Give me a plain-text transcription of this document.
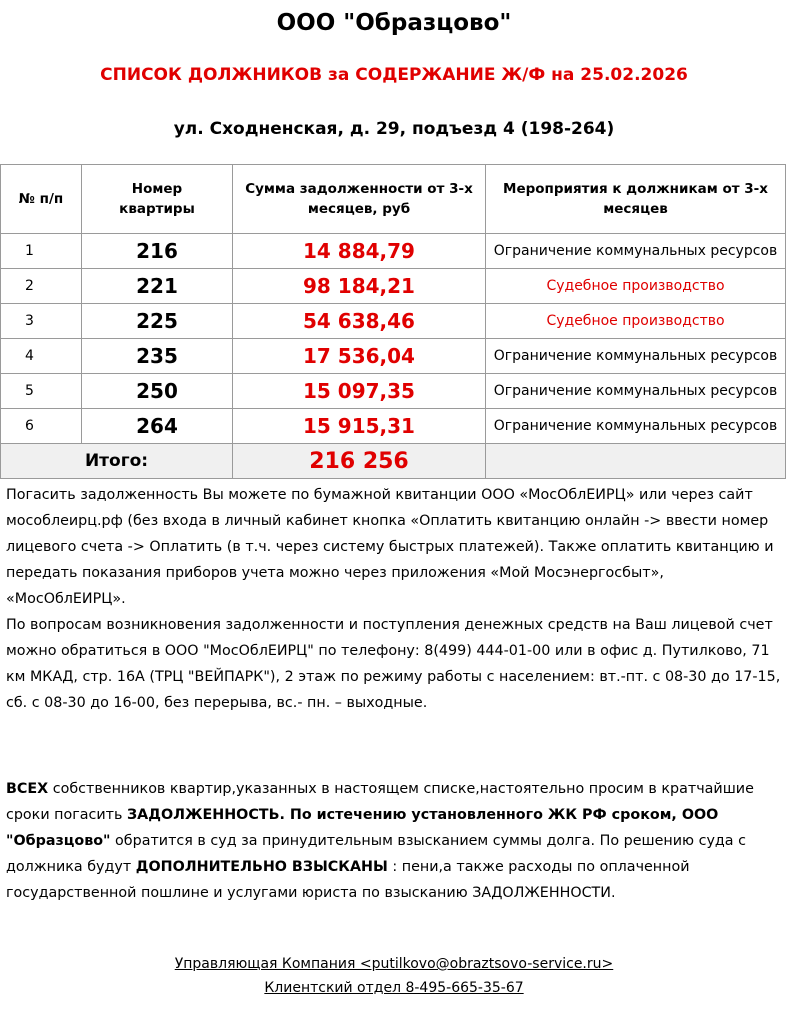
ООО "Образцово"
СПИСОК ДОЛЖНИКОВ за СОДЕРЖАНИЕ Ж/Ф на 25.02.2026
ул. Сходненская, д. 29, подъезд 4 (198-264)
№ п/п	Номер квартиры	Сумма задолженности от 3-х месяцев, руб	Мероприятия к должникам от 3-х месяцев
1	216	14 884,79	Ограничение коммунальных ресурсов
2	221	98 184,21	Судебное производство
3	225	54 638,46	Судебное производство
4	235	17 536,04	Ограничение коммунальных ресурсов
5	250	15 097,35	Ограничение коммунальных ресурсов
6	264	15 915,31	Ограничение коммунальных ресурсов
Итого:		216 256	
Погасить задолженность Вы можете по бумажной квитанции ООО «МосОблЕИРЦ» или через сайт мособлеирц.рф (без входа в личный кабинет кнопка «Оплатить квитанцию онлайн -> ввести номер лицевого счета -> Оплатить (в т.ч. через систему быстрых платежей). Также оплатить квитанцию и передать показания приборов учета можно через приложения «Мой Мосэнергосбыт», «МосОблЕИРЦ».
По вопросам возникновения задолженности и поступления денежных средств на Ваш лицевой счет можно обратиться в ООО "МосОблЕИРЦ" по телефону: 8(499) 444-01-00 или в офис д. Путилково, 71 км МКАД, стр. 16А (ТРЦ "ВЕЙПАРК"), 2 этаж по режиму работы с населением: вт.-пт. с 08-30 до 17-15, сб. с 08-30 до 16-00, без перерыва, вс.- пн. – выходные.
ВСЕХ собственников квартир,указанных в настоящем списке,настоятельно просим в кратчайшие сроки погасить ЗАДОЛЖЕННОСТЬ. По истечению установленного ЖК РФ сроком, ООО "Образцово" обратится в суд за принудительным взысканием суммы долга. По решению суда с должника будут ДОПОЛНИТЕЛЬНО ВЗЫСКАНЫ : пени,а также расходы по оплаченной государственной пошлине и услугами юриста по взысканию ЗАДОЛЖЕННОСТИ.
Управляющая Компания <putilkovo@obraztsovo-service.ru>
Клиентский отдел 8-495-665-35-67
